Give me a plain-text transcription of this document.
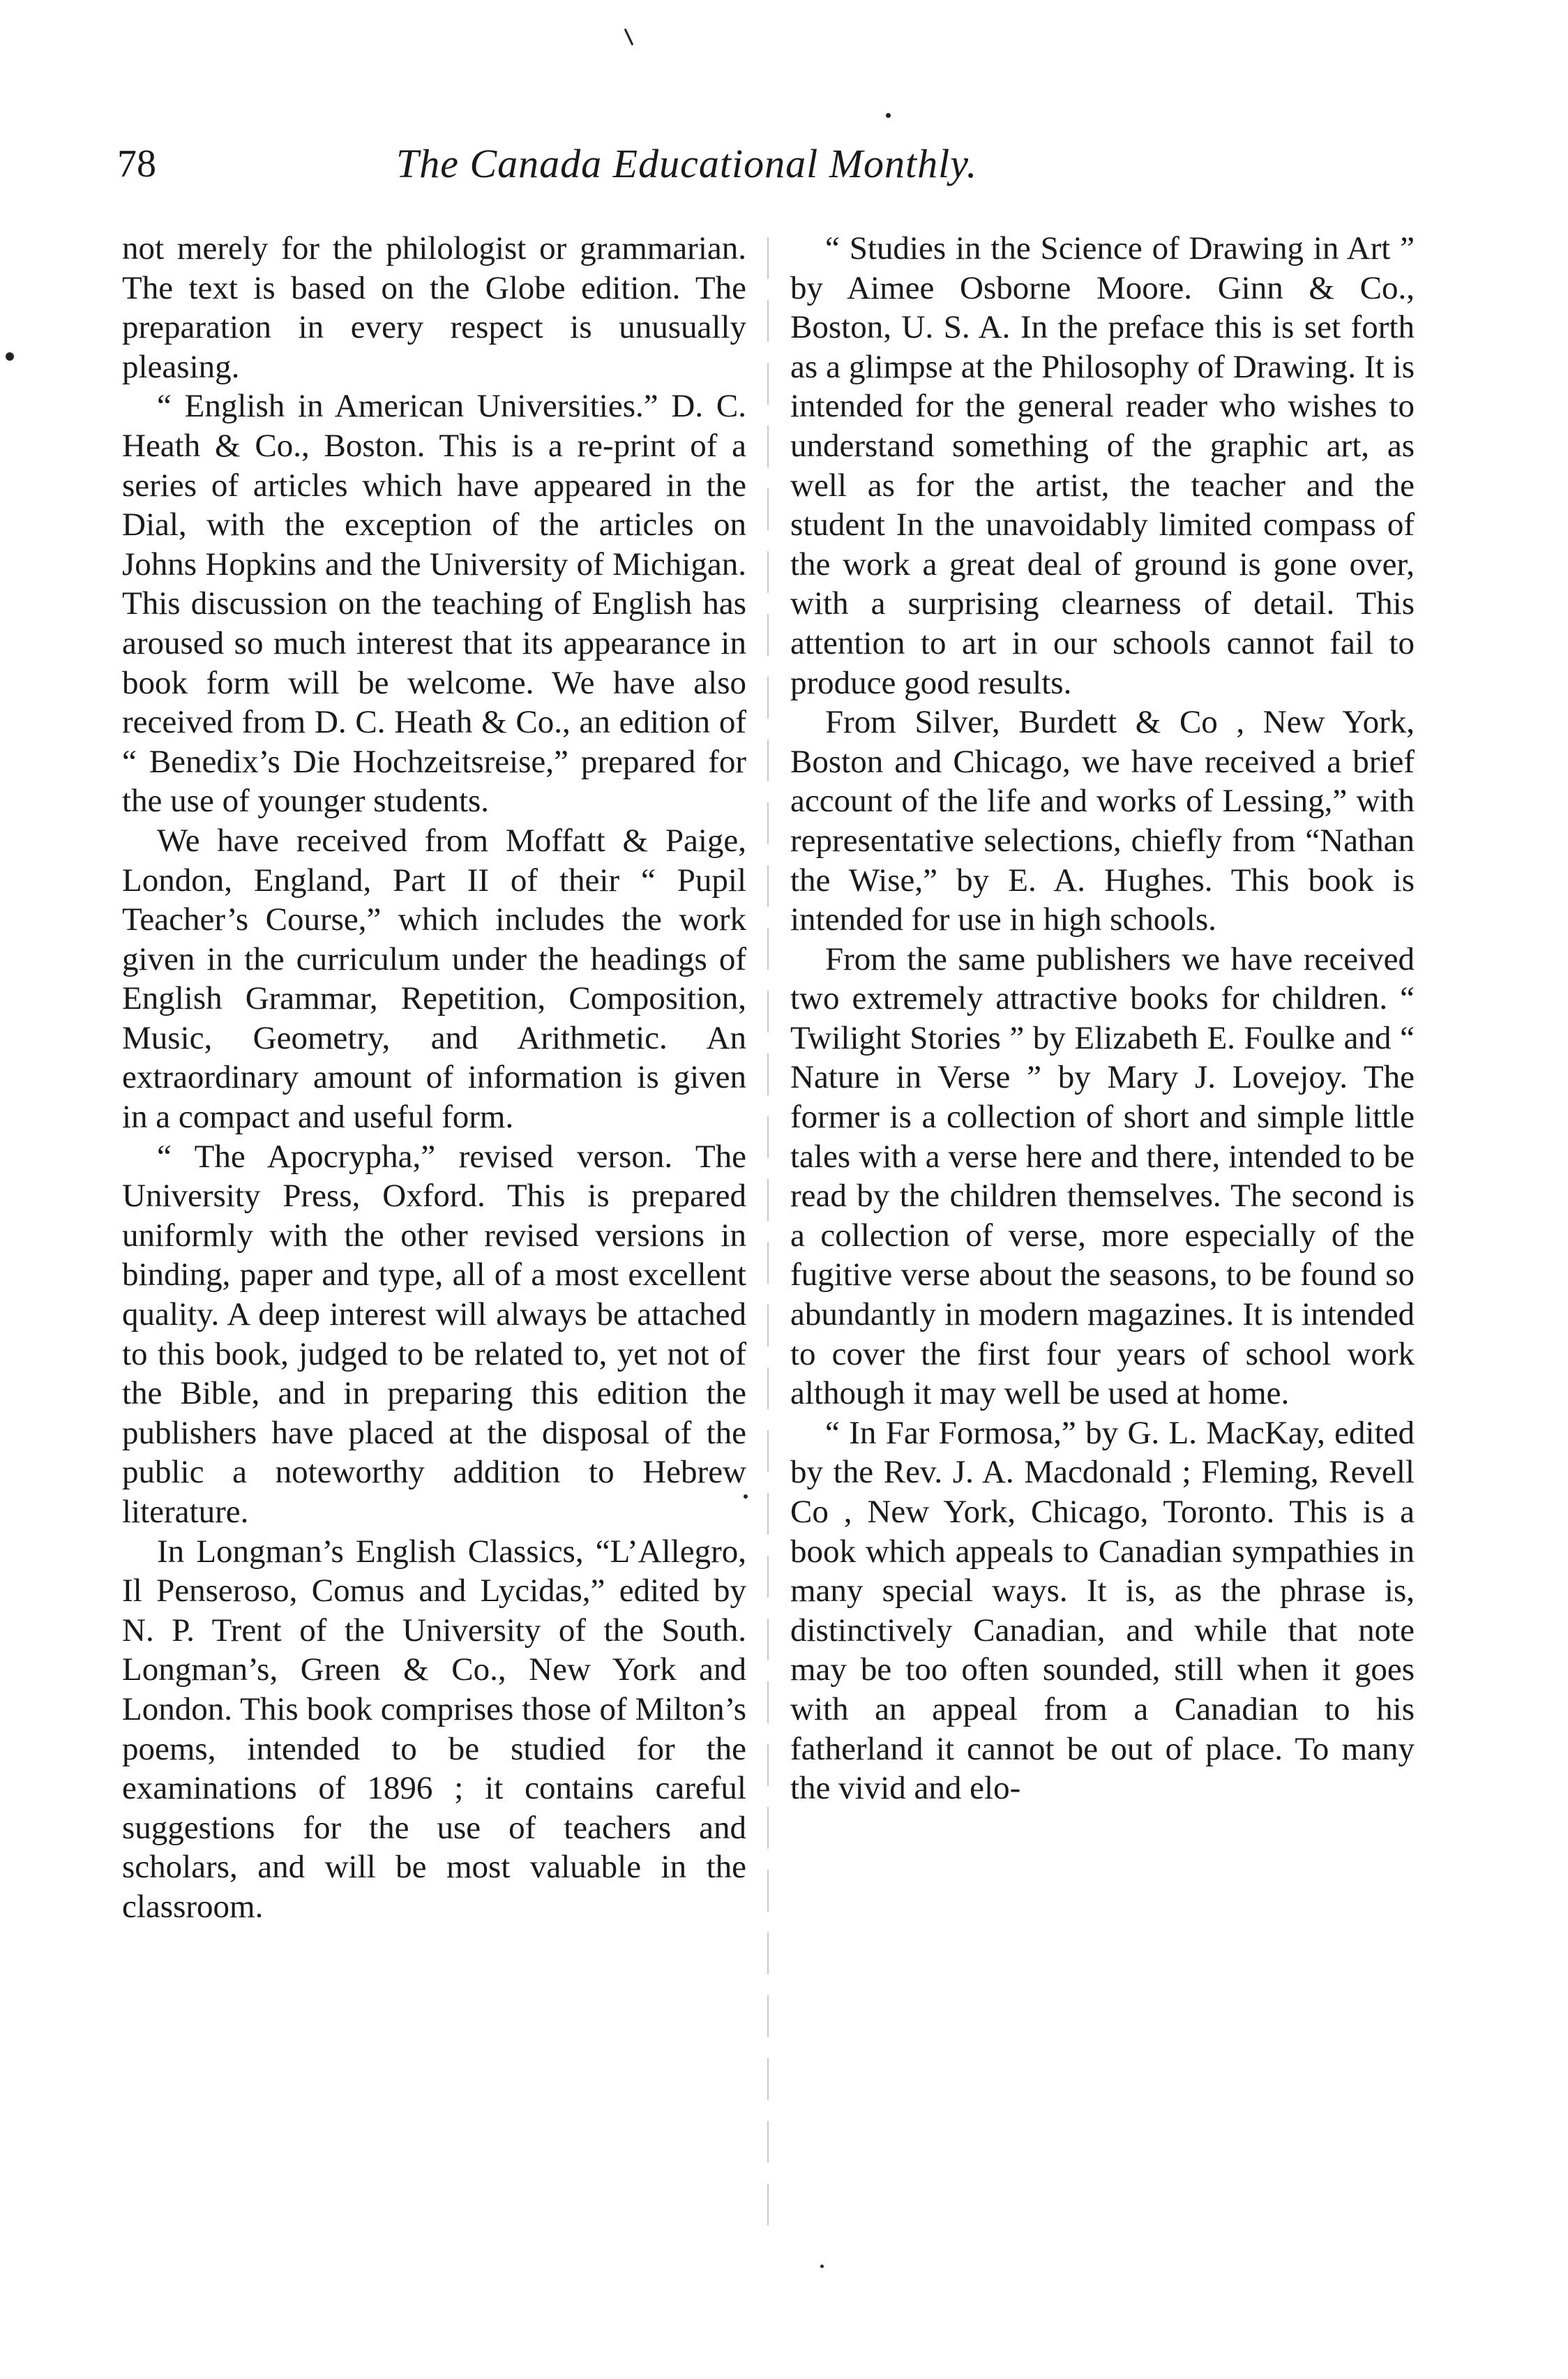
78	The Canada Educational Monthly.

not merely for the philologist or grammarian. The text is based on the Globe edition. The preparation in every respect is unusually pleasing.

“ English in American Universities.” D. C. Heath & Co., Boston. This is a re-print of a series of articles which have appeared in the Dial, with the exception of the articles on Johns Hopkins and the University of Michigan. This discussion on the teaching of English has aroused so much interest that its appearance in book form will be welcome. We have also received from D. C. Heath & Co., an edition of “ Benedix’s Die Hochzeitsreise,” prepared for the use of younger students.

We have received from Moffatt & Paige, London, England, Part II of their “ Pupil Teacher’s Course,” which includes the work given in the curriculum under the headings of English Grammar, Repetition, Composition, Music, Geometry, and Arithmetic. An extraordinary amount of information is given in a compact and useful form.

“ The Apocrypha,” revised verson. The University Press, Oxford. This is prepared uniformly with the other revised versions in binding, paper and type, all of a most excellent quality. A deep interest will always be attached to this book, judged to be related to, yet not of the Bible, and in preparing this edition the publishers have placed at the disposal of the public a noteworthy addition to Hebrew literature.

In Longman’s English Classics, “L’Allegro, Il Penseroso, Comus and Lycidas,” edited by N. P. Trent of the University of the South. Longman’s, Green & Co., New York and London. This book comprises those of Milton’s poems, intended to be studied for the examinations of 1896 ; it contains careful suggestions for the use of teachers and scholars, and will be most valuable in the classroom.

“ Studies in the Science of Drawing in Art ” by Aimee Osborne Moore. Ginn & Co., Boston, U. S. A. In the preface this is set forth as a glimpse at the Philosophy of Drawing. It is intended for the general reader who wishes to understand something of the graphic art, as well as for the artist, the teacher and the student In the unavoidably limited compass of the work a great deal of ground is gone over, with a surprising clearness of detail. This attention to art in our schools cannot fail to produce good results.

From Silver, Burdett & Co , New York, Boston and Chicago, we have received a brief account of the life and works of Lessing,” with representative selections, chiefly from “Nathan the Wise,” by E. A. Hughes. This book is intended for use in high schools.

From the same publishers we have received two extremely attractive books for children. “ Twilight Stories ” by Elizabeth E. Foulke and “ Nature in Verse ” by Mary J. Lovejoy. The former is a collection of short and simple little tales with a verse here and there, intended to be read by the children themselves. The second is a collection of verse, more especially of the fugitive verse about the seasons, to be found so abundantly in modern magazines. It is intended to cover the first four years of school work although it may well be used at home.

“ In Far Formosa,” by G. L. MacKay, edited by the Rev. J. A. Macdonald ; Fleming, Revell Co , New York, Chicago, Toronto. This is a book which appeals to Canadian sympathies in many special ways. It is, as the phrase is, distinctively Canadian, and while that note may be too often sounded, still when it goes with an appeal from a Canadian to his fatherland it cannot be out of place. To many the vivid and elo-
